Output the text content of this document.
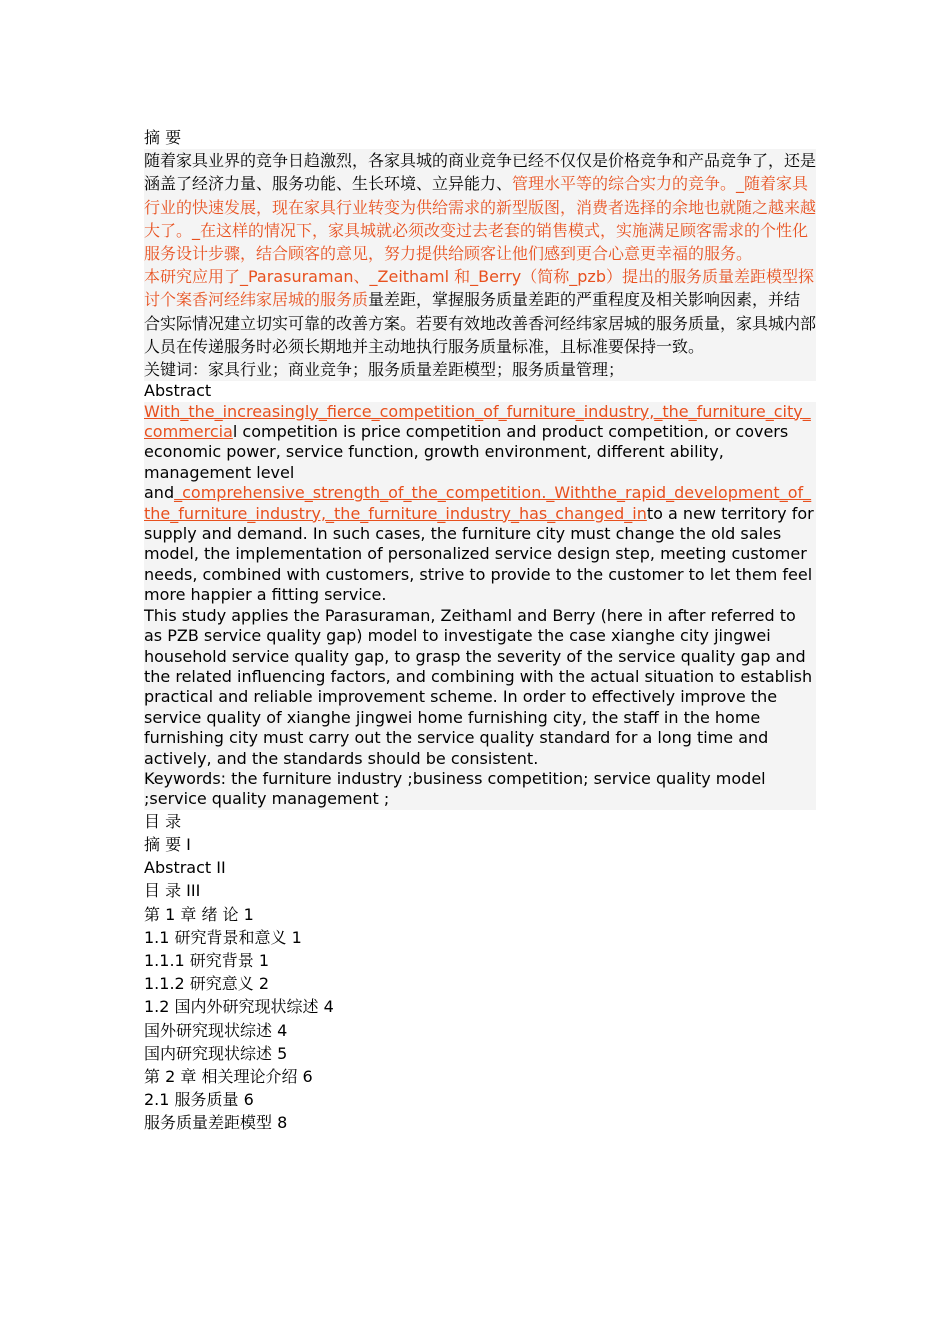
摘 要

随着家具业界的竞争日趋激烈，各家具城的商业竞争已经不仅仅是价格竞争和产品竞争了，还是涵盖了经济力量、服务功能、生长环境、立异能力、管理水平等的综合实力的竞争。_随着家具行业的快速发展，现在家具行业转变为供给需求的新型版图，消费者选择的余地也就随之越来越大了。_在这样的情况下，家具城就必须改变过去老套的销售模式，实施满足顾客需求的个性化服务设计步骤，结合顾客的意见，努力提供给顾客让他们感到更合心意更幸福的服务。

本研究应用了_Parasuraman、_Zeithaml 和_Berry（简称_pzb）提出的服务质量差距模型探讨个案香河经纬家居城的服务质量差距，掌握服务质量差距的严重程度及相关影响因素，并结合实际情况建立切实可靠的改善方案。若要有效地改善香河经纬家居城的服务质量，家具城内部人员在传递服务时必须长期地并主动地执行服务质量标准，且标准要保持一致。

关键词：家具行业；商业竞争；服务质量差距模型；服务质量管理；

Abstract

With_the_increasingly_fierce_competition_of_furniture_industry,_the_furniture_city_commercial competition is price competition and product competition, or covers economic power, service function, growth environment, different ability, management level
and_comprehensive_strength_of_the_competition._Withthe_rapid_development_of_the_furniture_industry,_the_furniture_industry_has_changed_into a new territory for supply and demand. In such cases, the furniture city must change the old sales model, the implementation of personalized service design step, meeting customer needs, combined with customers, strive to provide to the customer to let them feel more happier a fitting service.

This study applies the Parasuraman, Zeithaml and Berry (here in after referred to as PZB service quality gap) model to investigate the case xianghe city jingwei household service quality gap, to grasp the severity of the service quality gap and the related influencing factors, and combining with the actual situation to establish practical and reliable improvement scheme. In order to effectively improve the service quality of xianghe jingwei home furnishing city, the staff in the home furnishing city must carry out the service quality standard for a long time and actively, and the standards should be consistent.

Keywords: the furniture industry ;business competition; service quality model ;service quality management ;

目 录
摘 要 I
Abstract II
目 录 III
第 1 章 绪 论 1
1.1 研究背景和意义 1
1.1.1 研究背景 1
1.1.2 研究意义 2
1.2 国内外研究现状综述 4
国外研究现状综述 4
国内研究现状综述 5
第 2 章 相关理论介绍 6
2.1 服务质量 6
服务质量差距模型 8
